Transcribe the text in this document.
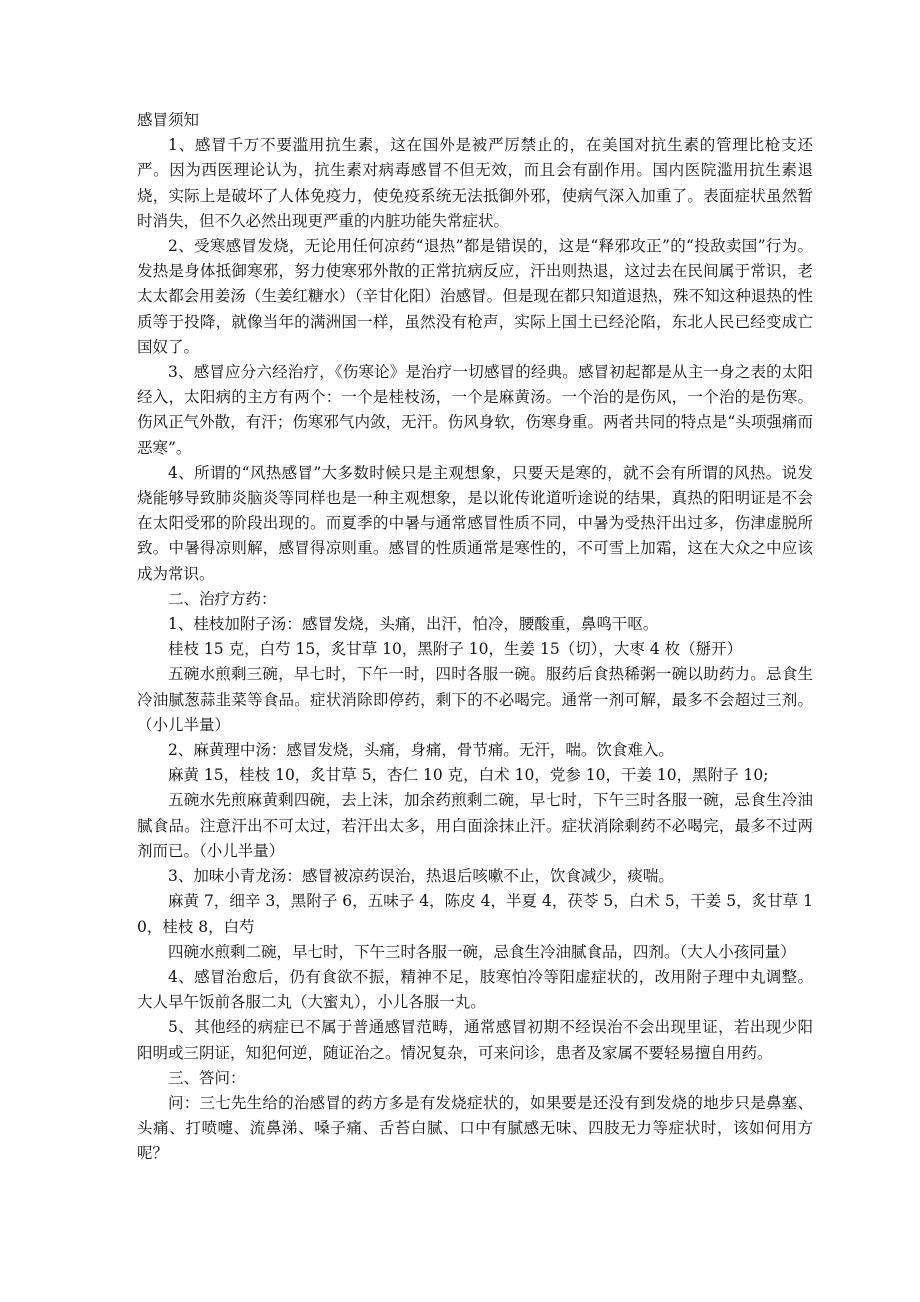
感冒须知

1、感冒千万不要滥用抗生素，这在国外是被严厉禁止的，在美国对抗生素的管理比枪支还严。因为西医理论认为，抗生素对病毒感冒不但无效，而且会有副作用。国内医院滥用抗生素退烧，实际上是破坏了人体免疫力，使免疫系统无法抵御外邪，使病气深入加重了。表面症状虽然暂时消失，但不久必然出现更严重的内脏功能失常症状。

2、受寒感冒发烧，无论用任何凉药“退热”都是错误的，这是“释邪攻正”的“投敌卖国”行为。发热是身体抵御寒邪，努力使寒邪外散的正常抗病反应，汗出则热退，这过去在民间属于常识，老太太都会用姜汤（生姜红糖水）（辛甘化阳）治感冒。但是现在都只知道退热，殊不知这种退热的性质等于投降，就像当年的满洲国一样，虽然没有枪声，实际上国土已经沦陷，东北人民已经变成亡国奴了。

3、感冒应分六经治疗，《伤寒论》是治疗一切感冒的经典。感冒初起都是从主一身之表的太阳经入，太阳病的主方有两个：一个是桂枝汤，一个是麻黄汤。一个治的是伤风，一个治的是伤寒。伤风正气外散，有汗；伤寒邪气内敛，无汗。伤风身软，伤寒身重。两者共同的特点是“头项强痛而恶寒”。

4、所谓的“风热感冒”大多数时候只是主观想象，只要天是寒的，就不会有所谓的风热。说发烧能够导致肺炎脑炎等同样也是一种主观想象，是以讹传讹道听途说的结果，真热的阳明证是不会在太阳受邪的阶段出现的。而夏季的中暑与通常感冒性质不同，中暑为受热汗出过多，伤津虚脱所致。中暑得凉则解，感冒得凉则重。感冒的性质通常是寒性的，不可雪上加霜，这在大众之中应该成为常识。

二、治疗方药：

1、桂枝加附子汤：感冒发烧，头痛，出汗，怕冷，腰酸重，鼻鸣干呕。

桂枝 15 克，白芍 15，炙甘草 10，黑附子 10，生姜 15（切），大枣 4 枚（掰开）

五碗水煎剩三碗，早七时，下午一时，四时各服一碗。服药后食热稀粥一碗以助药力。忌食生冷油腻葱蒜韭菜等食品。症状消除即停药，剩下的不必喝完。通常一剂可解，最多不会超过三剂。（小儿半量）

2、麻黄理中汤：感冒发烧，头痛，身痛，骨节痛。无汗，喘。饮食难入。

麻黄 15，桂枝 10，炙甘草 5，杏仁 10 克，白术 10，党参 10，干姜 10，黑附子 10;

五碗水先煎麻黄剩四碗，去上沫，加余药煎剩二碗，早七时，下午三时各服一碗，忌食生冷油腻食品。注意汗出不可太过，若汗出太多，用白面涂抹止汗。症状消除剩药不必喝完，最多不过两剂而已。（小儿半量）

3、加味小青龙汤：感冒被凉药误治，热退后咳嗽不止，饮食减少，痰喘。

麻黄 7，细辛 3，黑附子 6，五味子 4，陈皮 4，半夏 4，茯苓 5，白术 5，干姜 5，炙甘草 10，桂枝 8，白芍

四碗水煎剩二碗，早七时，下午三时各服一碗，忌食生冷油腻食品，四剂。（大人小孩同量）

4、感冒治愈后，仍有食欲不振，精神不足，肢寒怕冷等阳虚症状的，改用附子理中丸调整。大人早午饭前各服二丸（大蜜丸），小儿各服一丸。

5、其他经的病症已不属于普通感冒范畴，通常感冒初期不经误治不会出现里证，若出现少阳阳明或三阴证，知犯何逆，随证治之。情况复杂，可来问诊，患者及家属不要轻易擅自用药。

三、答问：

问：三七先生给的治感冒的药方多是有发烧症状的，如果要是还没有到发烧的地步只是鼻塞、头痛、打喷嚏、流鼻涕、嗓子痛、舌苔白腻、口中有腻感无味、四肢无力等症状时，该如何用方呢？
